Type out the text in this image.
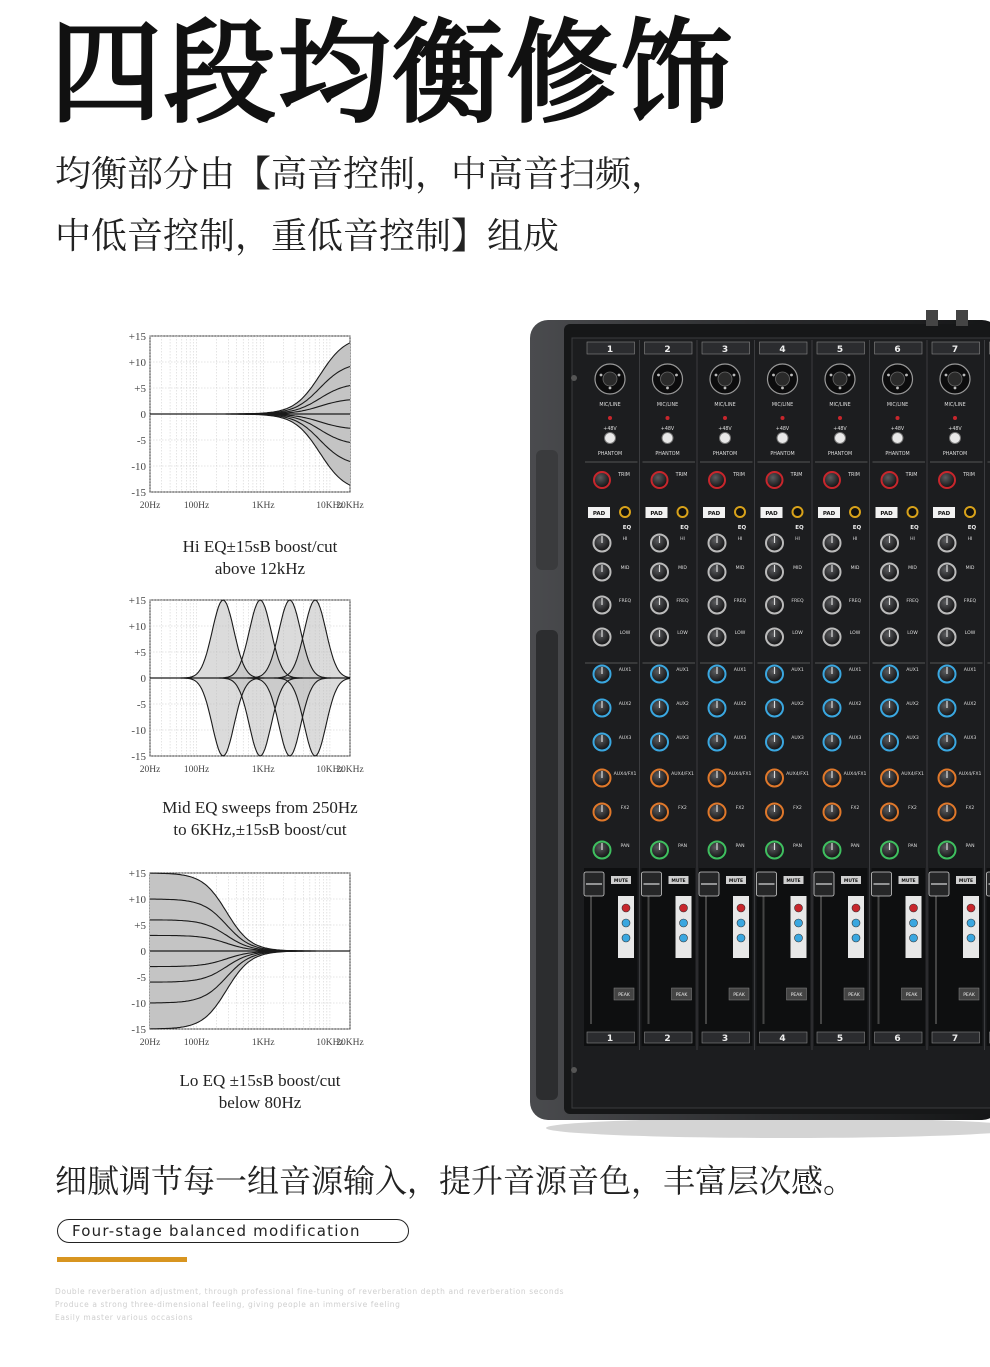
四段均衡修饰
均衡部分由【高音控制，中高音扫频，
中低音控制，重低音控制】组成
+15
+10
+5
0
-5
-10
-15
20Hz 100Hz	1KHz	10KHz
20KHz
Hi EQ±15sB boost/cut
above 12kHz
+15
+10
+5
0
-5
-10
-15
20Hz 100Hz	1KHz	10KHz
20KHz
Mid EQ sweeps from 250Hz
to 6KHz,±15sB boost/cut
+15
+10
+5
0
-5
-10
-15
20Hz 100Hz	1KHz	10KHz
20KHz
Lo EQ ±15sB boost/cut
below 80Hz
1
MIC/LINE
+48V
PHANTOM
TRIM
PAD
EQ
HI
MID
FREQ
LOW
AUX1
AUX2
AUX3
AUX4/FX1
FX2
PAN
MUTE
PEAK
1
2
MIC/LINE
+48V
PHANTOM
TRIM
PAD
EQ
HI
MID
FREQ
LOW
AUX1
AUX2
AUX3
AUX4/FX1
FX2
PAN
MUTE
PEAK
2
3
MIC/LINE
+48V
PHANTOM
TRIM
PAD
EQ
HI
MID
FREQ
LOW
AUX1
AUX2
AUX3
AUX4/FX1
FX2
PAN
MUTE
PEAK
3
4
MIC/LINE
+48V
PHANTOM
TRIM
PAD
EQ
HI
MID
FREQ
LOW
AUX1
AUX2
AUX3
AUX4/FX1
FX2
PAN
MUTE
PEAK
4
5
MIC/LINE
+48V
PHANTOM
TRIM
PAD
EQ
HI
MID
FREQ
LOW
AUX1
AUX2
AUX3
AUX4/FX1
FX2
PAN
MUTE
PEAK
5
6
MIC/LINE
+48V
PHANTOM
TRIM
PAD
EQ
HI
MID
FREQ
LOW
AUX1
AUX2
AUX3
AUX4/FX1
FX2
PAN
MUTE
PEAK
6
7
MIC/LINE
+48V
PHANTOM
TRIM
PAD
EQ
HI
MID
FREQ
LOW
AUX1
AUX2
AUX3
AUX4/FX1
FX2
PAN
MUTE
PEAK
7
细腻调节每一组音源输入，提升音源音色，丰富层次感。
Four-stage balanced modification
Double reverberation adjustment, through professional fine-tuning of reverberation depth and reverberation seconds
Produce a strong three-dimensional feeling, giving people an immersive feeling
Easily master various occasions
